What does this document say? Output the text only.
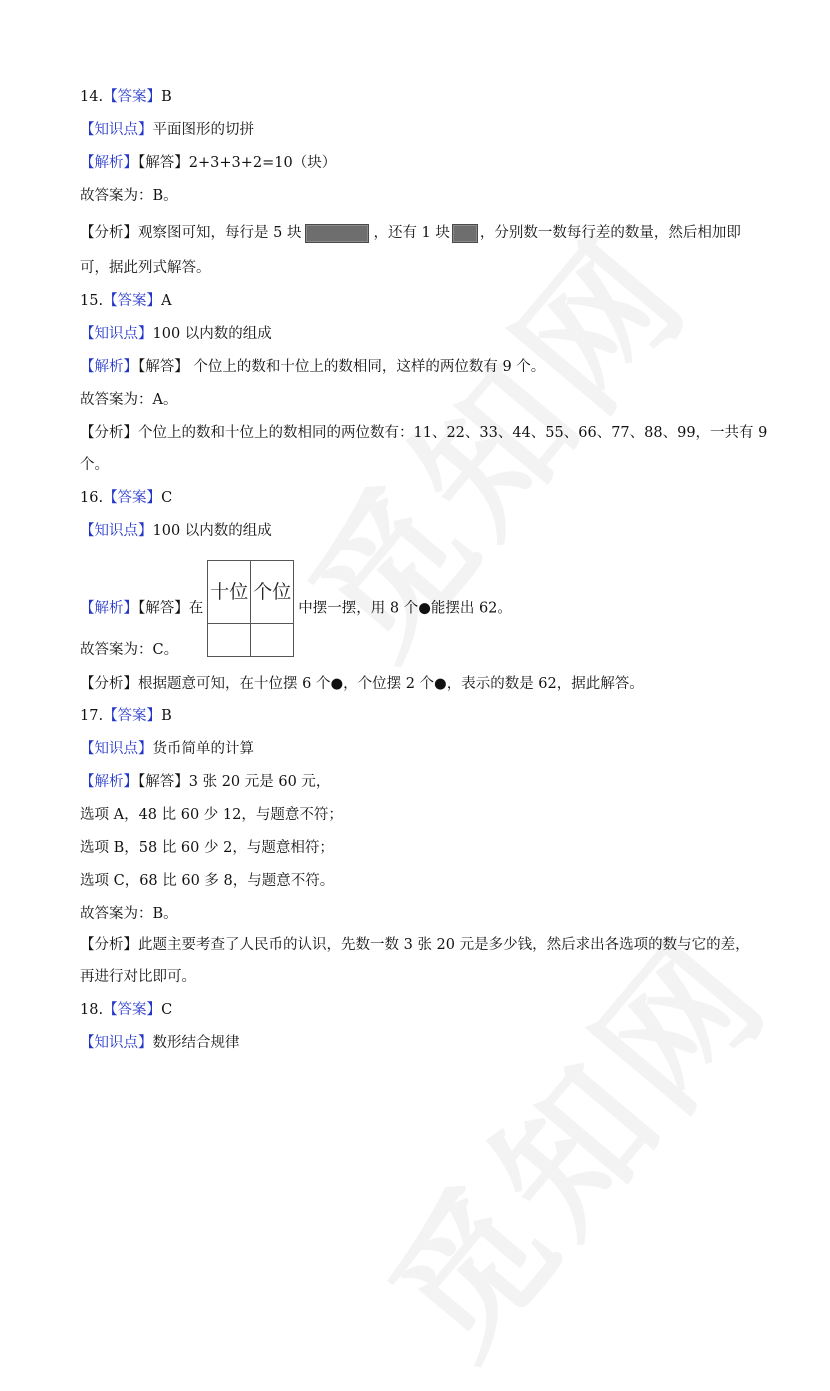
14.【答案】B
【知识点】平面图形的切拼
【解析】【解答】2+3+3+2=10（块）
故答案为：B。
【分析】观察图可知，每行是 5 块	，还有 1 块 ，分别数一数每行差的数量，然后相加即
可，据此列式解答。
15.【答案】A
【知识点】100 以内数的组成
【解析】【解答】 个位上的数和十位上的数相同，这样的两位数有 9 个。
故答案为：A。
【分析】个位上的数和十位上的数相同的两位数有：11、22、33、44、55、66、77、88、99，一共有 9
个。
16.【答案】C
【知识点】100 以内数的组成
【解析】【解答】在十位	个位
	中摆一摆，用 8 个●能摆出 62。
故答案为：C。
【分析】根据题意可知，在十位摆 6 个●，个位摆 2 个●，表示的数是 62，据此解答。
17.【答案】B
【知识点】货币简单的计算
【解析】【解答】3 张 20 元是 60 元，
选项 A，48 比 60 少 12，与题意不符；
选项 B，58 比 60 少 2，与题意相符；
选项 C，68 比 60 多 8，与题意不符。
故答案为：B。
【分析】此题主要考查了人民币的认识，先数一数 3 张 20 元是多少钱，然后求出各选项的数与它的差，
再进行对比即可。
18.【答案】C
【知识点】数形结合规律
